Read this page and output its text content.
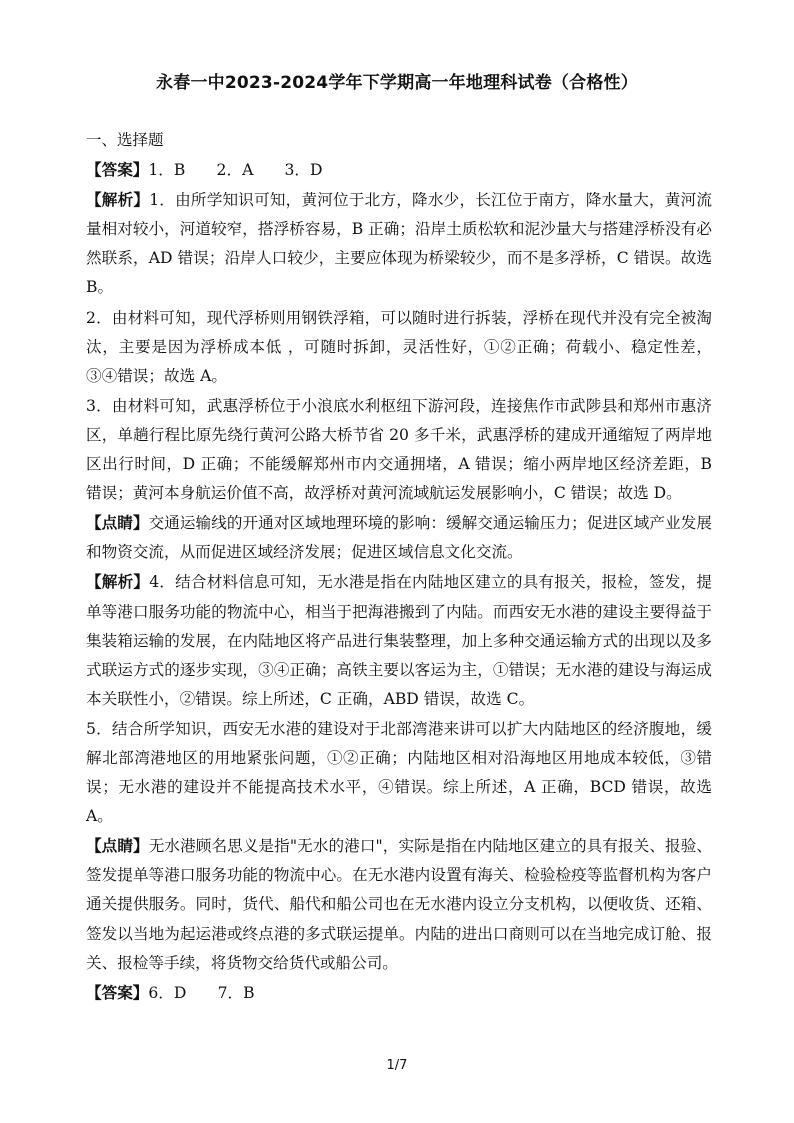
永春一中2023-2024学年下学期高一年地理科试卷（合格性）

一、选择题

【答案】1．B　　2．A　　3．D

【解析】1．由所学知识可知，黄河位于北方，降水少，长江位于南方，降水量大，黄河流量相对较小，河道较窄，搭浮桥容易，B 正确；沿岸土质松软和泥沙量大与搭建浮桥没有必然联系，AD 错误；沿岸人口较少，主要应体现为桥梁较少，而不是多浮桥，C 错误。故选 B。

2．由材料可知，现代浮桥则用钢铁浮箱，可以随时进行拆装，浮桥在现代并没有完全被淘汰，主要是因为浮桥成本低 ，可随时拆卸，灵活性好，①②正确；荷载小、稳定性差，③④错误；故选 A。

3．由材料可知，武惠浮桥位于小浪底水利枢纽下游河段，连接焦作市武陟县和郑州市惠济区，单趟行程比原先绕行黄河公路大桥节省 20 多千米，武惠浮桥的建成开通缩短了两岸地区出行时间，D 正确；不能缓解郑州市内交通拥堵，A 错误；缩小两岸地区经济差距，B 错误；黄河本身航运价值不高，故浮桥对黄河流域航运发展影响小，C 错误；故选 D。

【点睛】交通运输线的开通对区域地理环境的影响：缓解交通运输压力；促进区域产业发展和物资交流，从而促进区域经济发展；促进区域信息文化交流。

【解析】4．结合材料信息可知，无水港是指在内陆地区建立的具有报关，报检，签发，提单等港口服务功能的物流中心，相当于把海港搬到了内陆。而西安无水港的建设主要得益于集装箱运输的发展，在内陆地区将产品进行集装整理，加上多种交通运输方式的出现以及多式联运方式的逐步实现，③④正确；高铁主要以客运为主，①错误；无水港的建设与海运成本关联性小，②错误。综上所述，C 正确，ABD 错误，故选 C。

5．结合所学知识，西安无水港的建设对于北部湾港来讲可以扩大内陆地区的经济腹地，缓解北部湾港地区的用地紧张问题，①②正确；内陆地区相对沿海地区用地成本较低，③错误；无水港的建设并不能提高技术水平，④错误。综上所述，A 正确，BCD 错误，故选 A。

【点睛】无水港顾名思义是指"无水的港口"，实际是指在内陆地区建立的具有报关、报验、签发提单等港口服务功能的物流中心。在无水港内设置有海关、检验检疫等监督机构为客户通关提供服务。同时，货代、船代和船公司也在无水港内设立分支机构，以便收货、还箱、签发以当地为起运港或终点港的多式联运提单。内陆的进出口商则可以在当地完成订舱、报关、报检等手续，将货物交给货代或船公司。

【答案】6．D　　7．B

1/7
